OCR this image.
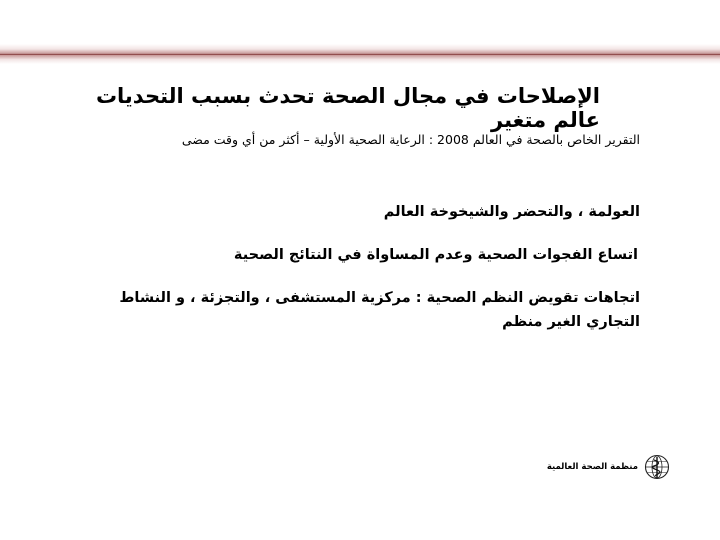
الإصلاحات في مجال الصحة تحدث بسبب التحديات عالم متغير
التقرير الخاص بالصحة في العالم 2008 : الرعاية الصحية الأولية – أكثر من أي وقت مضى

العولمة ، والتحضر والشيخوخة العالم

اتساع الفجوات الصحية وعدم المساواة في النتائج الصحية

اتجاهات تقويض النظم الصحية : مركزية المستشفى ، والتجزئة ، و النشاط التجاري الغير منظم

منظمة الصحة العالمية
